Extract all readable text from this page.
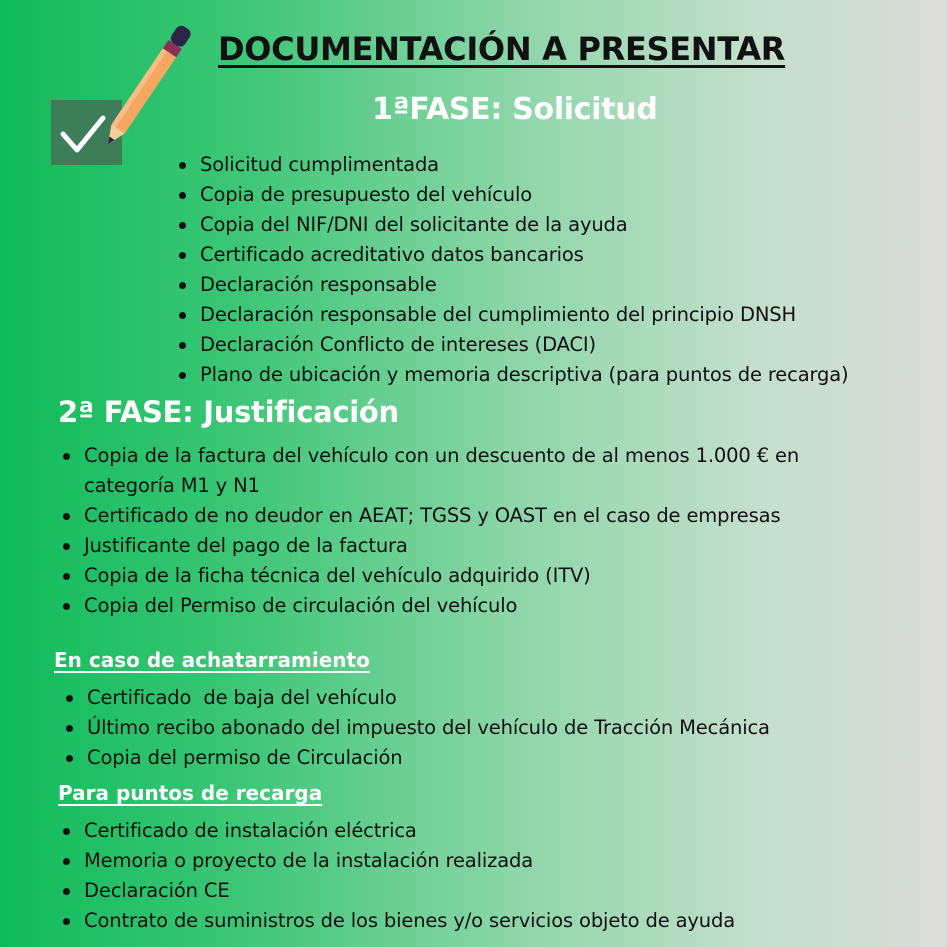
DOCUMENTACIÓN A PRESENTAR
1ªFASE: Solicitud
Solicitud cumplimentada
Copia de presupuesto del vehículo
Copia del NIF/DNI del solicitante de la ayuda
Certificado acreditativo datos bancarios
Declaración responsable
Declaración responsable del cumplimiento del principio DNSH
Declaración Conflicto de intereses (DACI)
Plano de ubicación y memoria descriptiva (para puntos de recarga)
2ª FASE: Justificación
Copia de la factura del vehículo con un descuento de al menos 1.000 € en
categoría M1 y N1
Certificado de no deudor en AEAT; TGSS y OAST en el caso de empresas
Justificante del pago de la factura
Copia de la ficha técnica del vehículo adquirido (ITV)
Copia del Permiso de circulación del vehículo
En caso de achatarramiento
Certificado  de baja del vehículo
Último recibo abonado del impuesto del vehículo de Tracción Mecánica
Copia del permiso de Circulación
Para puntos de recarga
Certificado de instalación eléctrica
Memoria o proyecto de la instalación realizada
Declaración CE
Contrato de suministros de los bienes y/o servicios objeto de ayuda
